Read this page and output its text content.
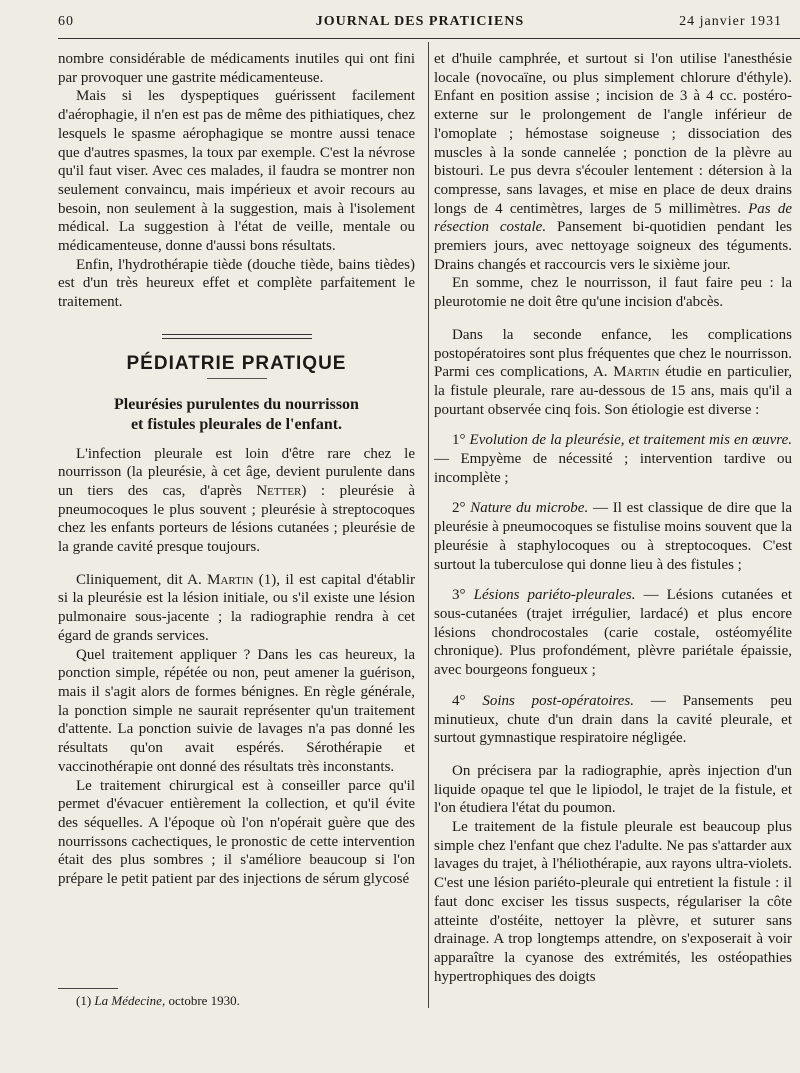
60	JOURNAL DES PRATICIENS	24 janvier 1931

nombre considérable de médicaments inutiles qui ont fini par provoquer une gastrite médicamenteuse.

Mais si les dyspeptiques guérissent facilement d'aérophagie, il n'en est pas de même des pithiatiques, chez lesquels le spasme aérophagique se montre aussi tenace que d'autres spasmes, la toux par exemple. C'est la névrose qu'il faut viser. Avec ces malades, il faudra se montrer non seulement convaincu, mais impérieux et avoir recours au besoin, non seulement à la suggestion, mais à l'isolement médical. La suggestion à l'état de veille, mentale ou médicamenteuse, donne d'aussi bons résultats.

Enfin, l'hydrothérapie tiède (douche tiède, bains tièdes) est d'un très heureux effet et complète parfaitement le traitement.

PÉDIATRIE PRATIQUE
Pleurésies purulentes du nourrisson
et fistules pleurales de l'enfant.

L'infection pleurale est loin d'être rare chez le nourrisson (la pleurésie, à cet âge, devient purulente dans un tiers des cas, d'après Netter) : pleurésie à pneumocoques le plus souvent ; pleurésie à streptocoques chez les enfants porteurs de lésions cutanées ; pleurésie de la grande cavité presque toujours.

Cliniquement, dit A. Martin (1), il est capital d'établir si la pleurésie est la lésion initiale, ou s'il existe une lésion pulmonaire sous-jacente ; la radiographie rendra à cet égard de grands services.

Quel traitement appliquer ? Dans les cas heureux, la ponction simple, répétée ou non, peut amener la guérison, mais il s'agit alors de formes bénignes. En règle générale, la ponction simple ne saurait représenter qu'un traitement d'attente. La ponction suivie de lavages n'a pas donné les résultats qu'on avait espérés. Sérothérapie et vaccinothérapie ont donné des résultats très inconstants.

Le traitement chirurgical est à conseiller parce qu'il permet d'évacuer entièrement la collection, et qu'il évite des séquelles. A l'époque où l'on n'opérait guère que des nourrissons cachectiques, le pronostic de cette intervention était des plus sombres ; il s'améliore beaucoup si l'on prépare le petit patient par des injections de sérum glycosé

(1) La Médecine, octobre 1930.

et d'huile camphrée, et surtout si l'on utilise l'anesthésie locale (novocaïne, ou plus simplement chlorure d'éthyle). Enfant en position assise ; incision de 3 à 4 cc. postéro-externe sur le prolongement de l'angle inférieur de l'omoplate ; hémostase soigneuse ; dissociation des muscles à la sonde cannelée ; ponction de la plèvre au bistouri. Le pus devra s'écouler lentement : détersion à la compresse, sans lavages, et mise en place de deux drains longs de 4 centimètres, larges de 5 millimètres. Pas de résection costale. Pansement bi-quotidien pendant les premiers jours, avec nettoyage soigneux des téguments. Drains changés et raccourcis vers le sixième jour.

En somme, chez le nourrisson, il faut faire peu : la pleurotomie ne doit être qu'une incision d'abcès.

Dans la seconde enfance, les complications postopératoires sont plus fréquentes que chez le nourrisson. Parmi ces complications, A. Martin étudie en particulier, la fistule pleurale, rare au-dessous de 15 ans, mais qu'il a pourtant observée cinq fois. Son étiologie est diverse :

1° Evolution de la pleurésie, et traitement mis en œuvre. — Empyème de nécessité ; intervention tardive ou incomplète ;

2° Nature du microbe. — Il est classique de dire que la pleurésie à pneumocoques se fistulise moins souvent que la pleurésie à staphylocoques ou à streptocoques. C'est surtout la tuberculose qui donne lieu à des fistules ;

3° Lésions pariéto-pleurales. — Lésions cutanées et sous-cutanées (trajet irrégulier, lardacé) et plus encore lésions chondrocostales (carie costale, ostéomyélite chronique). Plus profondément, plèvre pariétale épaissie, avec bourgeons fongueux ;

4° Soins post-opératoires. — Pansements peu minutieux, chute d'un drain dans la cavité pleurale, et surtout gymnastique respiratoire négligée.

On précisera par la radiographie, après injection d'un liquide opaque tel que le lipiodol, le trajet de la fistule, et l'on étudiera l'état du poumon.

Le traitement de la fistule pleurale est beaucoup plus simple chez l'enfant que chez l'adulte. Ne pas s'attarder aux lavages du trajet, à l'héliothérapie, aux rayons ultra-violets. C'est une lésion pariéto-pleurale qui entretient la fistule : il faut donc exciser les tissus suspects, régulariser la côte atteinte d'ostéite, nettoyer la plèvre, et suturer sans drainage. A trop longtemps attendre, on s'exposerait à voir apparaître la cyanose des extrémités, les ostéopathies hypertrophiques des doigts
